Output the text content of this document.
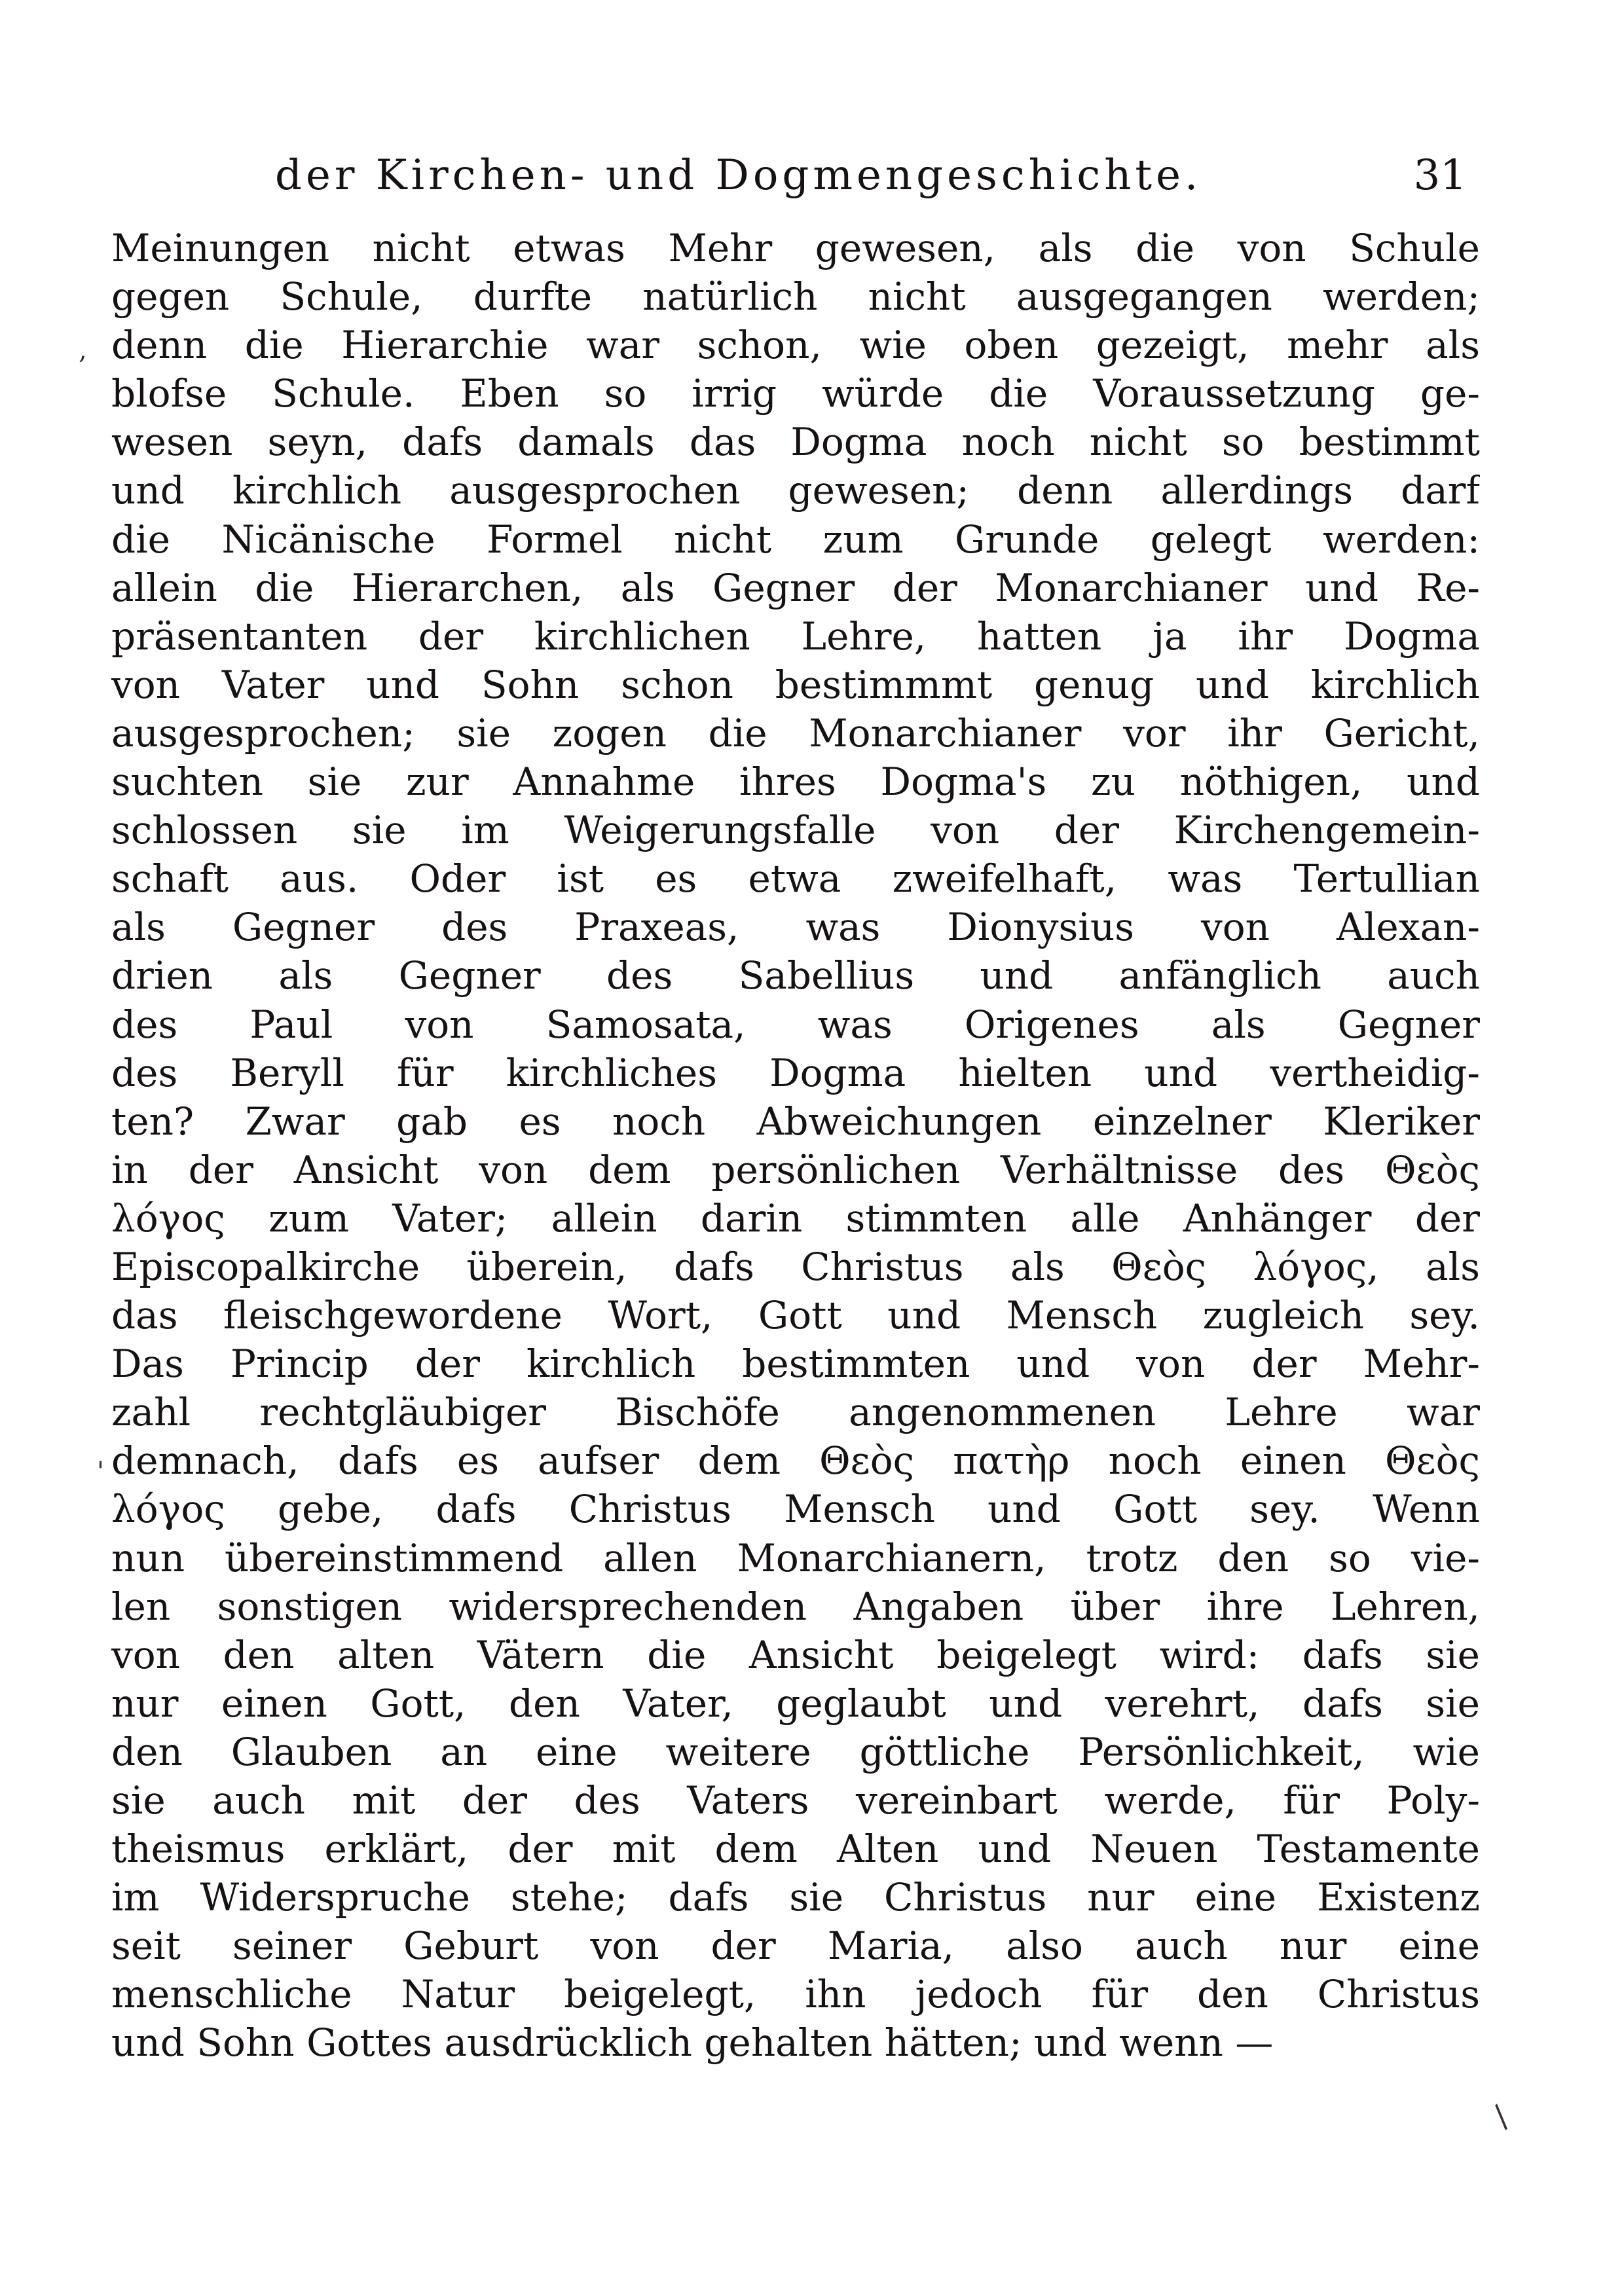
der Kirchen- und Dogmengeschichte.	31
,
'
/
Meinungen nicht etwas Mehr gewesen, als die von Schule
gegen Schule, durfte natürlich nicht ausgegangen werden;
denn die Hierarchie war schon, wie oben gezeigt, mehr als
blofse Schule. Eben so irrig würde die Voraussetzung ge-
wesen seyn, dafs damals das Dogma noch nicht so bestimmt
und kirchlich ausgesprochen gewesen; denn allerdings darf
die Nicänische Formel nicht zum Grunde gelegt werden:
allein die Hierarchen, als Gegner der Monarchianer und Re-
präsentanten der kirchlichen Lehre, hatten ja ihr Dogma
von Vater und Sohn schon bestimmmt genug und kirchlich
ausgesprochen; sie zogen die Monarchianer vor ihr Gericht,
suchten sie zur Annahme ihres Dogma's zu nöthigen, und
schlossen sie im Weigerungsfalle von der Kirchengemein-
schaft aus. Oder ist es etwa zweifelhaft, was Tertullian
als Gegner des Praxeas, was Dionysius von Alexan-
drien als Gegner des Sabellius und anfänglich auch
des Paul von Samosata, was Origenes als Gegner
des Beryll für kirchliches Dogma hielten und vertheidig-
ten? Zwar gab es noch Abweichungen einzelner Kleriker
in der Ansicht von dem persönlichen Verhältnisse des Θεὸς
λόγος zum Vater; allein darin stimmten alle Anhänger der
Episcopalkirche überein, dafs Christus als Θεὸς λόγος, als
das fleischgewordene Wort, Gott und Mensch zugleich sey.
Das Princip der kirchlich bestimmten und von der Mehr-
zahl rechtgläubiger Bischöfe angenommenen Lehre war
demnach, dafs es aufser dem Θεὸς πατὴρ noch einen Θεὸς
λόγος gebe, dafs Christus Mensch und Gott sey. Wenn
nun übereinstimmend allen Monarchianern, trotz den so vie-
len sonstigen widersprechenden Angaben über ihre Lehren,
von den alten Vätern die Ansicht beigelegt wird: dafs sie
nur einen Gott, den Vater, geglaubt und verehrt, dafs sie
den Glauben an eine weitere göttliche Persönlichkeit, wie
sie auch mit der des Vaters vereinbart werde, für Poly-
theismus erklärt, der mit dem Alten und Neuen Testamente
im Widerspruche stehe; dafs sie Christus nur eine Existenz
seit seiner Geburt von der Maria, also auch nur eine
menschliche Natur beigelegt, ihn jedoch für den Christus
und Sohn Gottes ausdrücklich gehalten hätten; und wenn —
